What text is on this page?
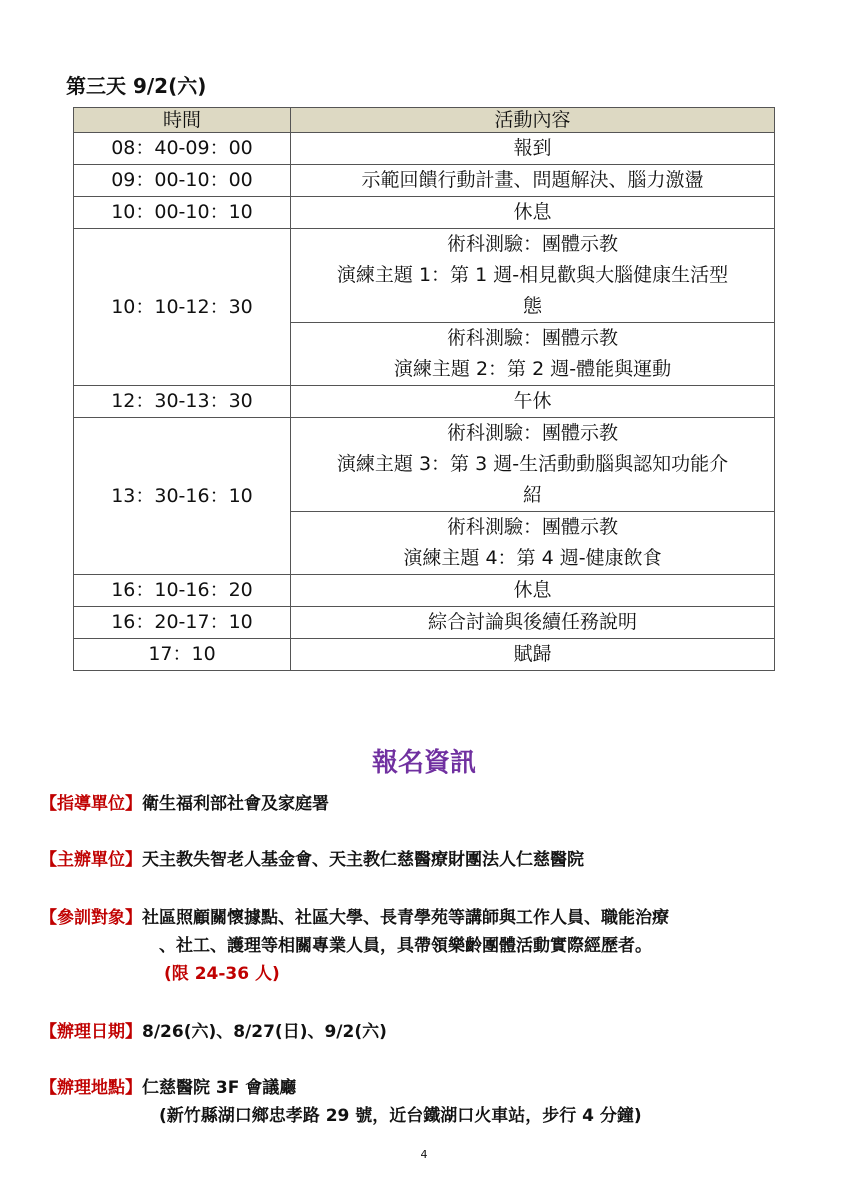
第三天 9/2(六)
時間	活動內容
08：40-09：00	報到

09：00-10：00	示範回饋行動計畫、問題解決、腦力激盪

10：00-10：10	休息

10：10-12：30	術科測驗：團體示教
演練主題 1：第 1 週-相見歡與大腦健康生活型
態

	術科測驗：團體示教
演練主題 2：第 2 週-體能與運動

12：30-13：30	午休

13：30-16：10	術科測驗：團體示教
演練主題 3：第 3 週-生活動動腦與認知功能介
紹

	術科測驗：團體示教
演練主題 4：第 4 週-健康飲食

16：10-16：20	休息

16：20-17：10	綜合討論與後續任務說明

17：10	賦歸
報名資訊
【指導單位】衛生福利部社會及家庭署
【主辦單位】天主教失智老人基金會、天主教仁慈醫療財團法人仁慈醫院
【參訓對象】社區照顧關懷據點、社區大學、長青學苑等講師與工作人員、職能治療
、社工、護理等相關專業人員，具帶領樂齡團體活動實際經歷者。
(限 24-36 人)
【辦理日期】8/26(六)、8/27(日)、9/2(六)
【辦理地點】仁慈醫院 3F 會議廳
(新竹縣湖口鄉忠孝路 29 號，近台鐵湖口火車站，步行 4 分鐘)
4
